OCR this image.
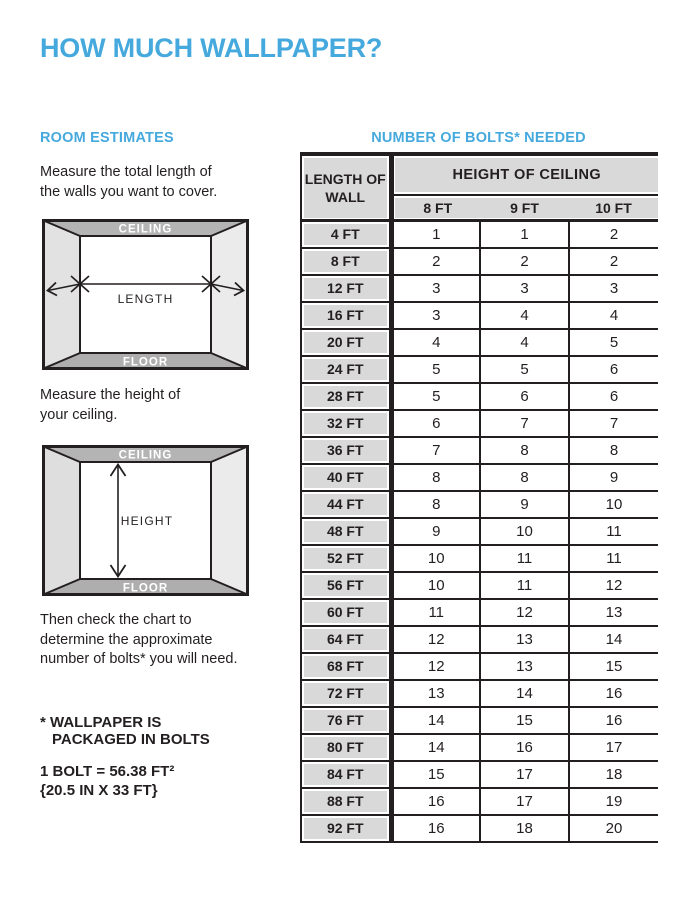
HOW MUCH WALLPAPER?
ROOM ESTIMATES	NUMBER OF BOLTS* NEEDED
Measure the total length of
the walls you want to cover.
CEILING
FLOOR
LENGTH
Measure the height of
your ceiling.
CEILING
FLOOR
HEIGHT
Then check the chart to
determine the approximate
number of bolts* you will need.
* WALLPAPER IS
PACKAGED IN BOLTS
1 BOLT = 56.38 FT²
{20.5 IN X 33 FT}
LENGTH OF WALL	HEIGHT OF CEILING		
	8 FT	9 FT	10 FT
4 FT	1	1	2
8 FT	2	2	2
12 FT	3	3	3
16 FT	3	4	4
20 FT	4	4	5
24 FT	5	5	6
28 FT	5	6	6
32 FT	6	7	7
36 FT	7	8	8
40 FT	8	8	9
44 FT	8	9	10
48 FT	9	10	11
52 FT	10	11	11
56 FT	10	11	12
60 FT	11	12	13
64 FT	12	13	14
68 FT	12	13	15
72 FT	13	14	16
76 FT	14	15	16
80 FT	14	16	17
84 FT	15	17	18
88 FT	16	17	19
92 FT	16	18	20
